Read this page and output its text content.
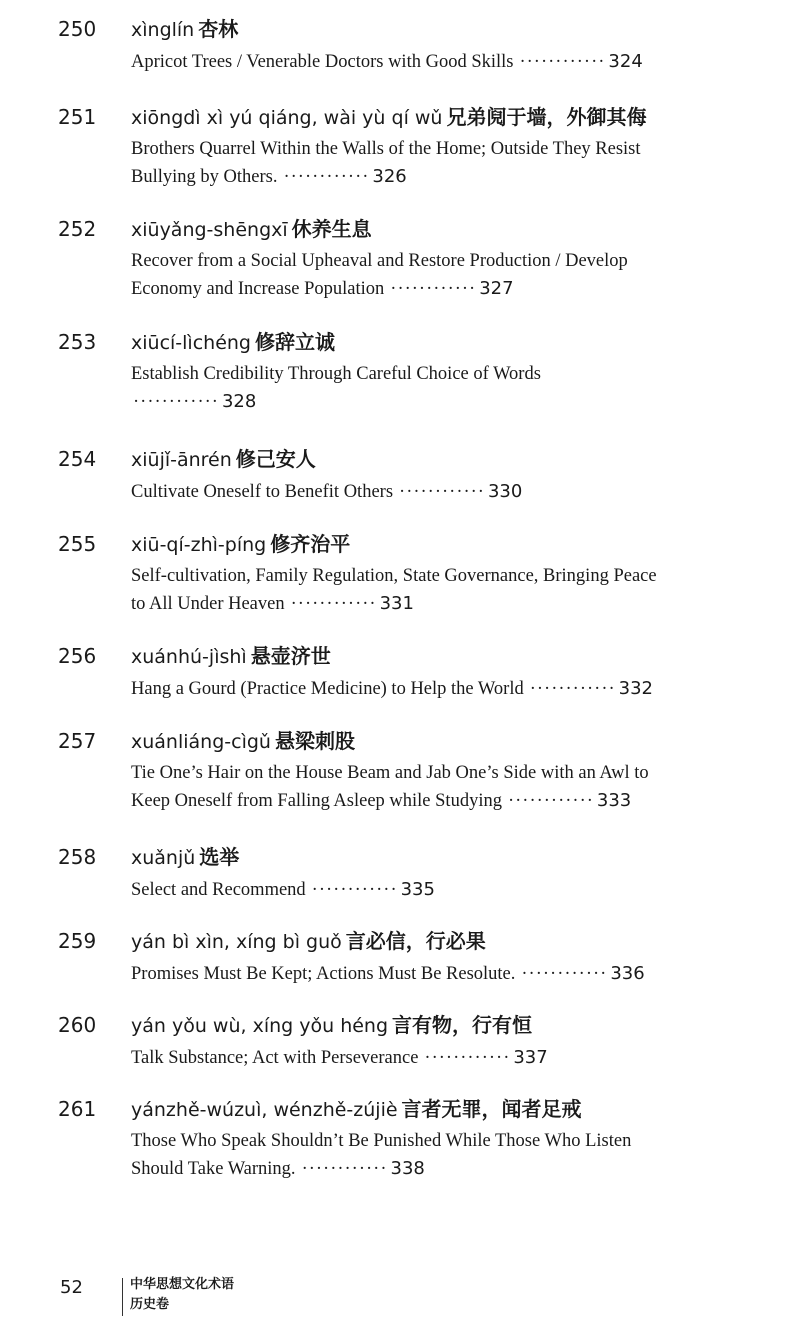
250 xìnglín 杏林
Apricot Trees / Venerable Doctors with Good Skills ············ 324
251 xiōngdì xì yú qiáng, wài yù qí wǔ 兄弟阋于墙，外御其侮
Brothers Quarrel Within the Walls of the Home; Outside They Resist
Bullying by Others. ············ 326
252 xiūyǎng-shēngxī 休养生息
Recover from a Social Upheaval and Restore Production / Develop
Economy and Increase Population ············ 327
253 xiūcí-lìchéng 修辞立诚
Establish Credibility Through Careful Choice of Words
············ 328
254 xiūjǐ-ānrén 修己安人
Cultivate Oneself to Benefit Others ············ 330
255 xiū-qí-zhì-píng 修齐治平
Self-cultivation, Family Regulation, State Governance, Bringing Peace
to All Under Heaven ············ 331
256 xuánhú-jìshì 悬壶济世
Hang a Gourd (Practice Medicine) to Help the World ············ 332
257 xuánliáng-cìgǔ 悬梁刺股
Tie One’s Hair on the House Beam and Jab One’s Side with an Awl to
Keep Oneself from Falling Asleep while Studying ············ 333
258 xuǎnjǔ 选举
Select and Recommend ············ 335
259 yán bì xìn, xíng bì guǒ 言必信，行必果
Promises Must Be Kept; Actions Must Be Resolute. ············ 336
260 yán yǒu wù, xíng yǒu héng 言有物，行有恒
Talk Substance; Act with Perseverance ············ 337
261 yánzhě-wúzuì, wénzhě-zújiè 言者无罪，闻者足戒
Those Who Speak Shouldn’t Be Punished While Those Who Listen
Should Take Warning. ············ 338
52	中华思想文化术语
历史卷
